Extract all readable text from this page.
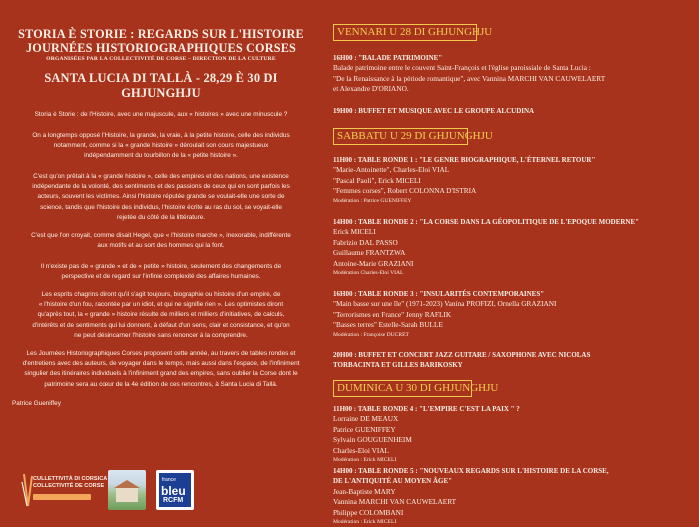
STORIA È STORIE : REGARDS SUR L'HISTOIRE
JOURNÉES HISTORIOGRAPHIQUES CORSES
ORGANISÉES PAR LA COLLECTIVITÉ DE CORSE – DIRECTION DE LA CULTURE
SANTA LUCIA DI TALLÀ - 28,29 È 30 DI GHJUNGHJU
Storia è Storie : de l'Histoire, avec une majuscule, aux « histoires » avec une minuscule ?
On a longtemps opposé l'Histoire, la grande, la vraie, à la petite histoire, celle des individus
notamment, comme si la « grande histoire » déroulait son cours majestueux
indépendamment du tourbillon de la « petite histoire ».
C'est qu'on prêtait à la « grande histoire », celle des empires et des nations, une existence
indépendante de la volonté, des sentiments et des passions de ceux qui en sont parfois les
acteurs, souvent les victimes. Ainsi l'histoire réputée grande se voulait-elle une sorte de
science, tandis que l'histoire des individus, l'histoire écrite au ras du sol, se voyait-elle
rejetée du côté de la littérature.
C'est que l'on croyait, comme disait Hegel, que « l'histoire marche », inexorable, indifférente
aux motifs et au sort des hommes qui la font.
Il n'existe pas de « grande » et de « petite » histoire, seulement des changements de
perspective et de regard sur l'infinie complexité des affaires humaines.
Les esprits chagrins diront qu'il s'agit toujours, biographie ou histoire d'un empire, de
« l'histoire d'un fou, racontée par un idiot, et qui ne signifie rien ». Les optimistes diront
qu'après tout, la « grande » histoire résulte de milliers et milliers d'initiatives, de calculs,
d'intérêts et de sentiments qui lui donnent, à défaut d'un sens, clair et consistance, et qu'on
ne peut désincarner l'histoire sans renoncer à la comprendre.
Les Journées Historiographiques Corses proposent cette année, au travers de tables rondes et
d'entretiens avec des auteurs, de voyager dans le temps, mais aussi dans l'espace, de l'infiniment
singulier des itinéraires individuels à l'infiniment grand des empires, sans oublier la Corse dont le
patrimoine sera au cœur de la 4e édition de ces rencontres, à Santa Lucia di Tallà.
Patrice Gueniffey
CULLETTIVITÀ DI CORSICA
COLLECTIVITÉ DE CORSE
france
bleu
RCFM
VENNARI U 28 DI GHJUNGHJU
16H00 : "BALADE PATRIMOINE"
Balade patrimoine entre le couvent Saint-François et l'église paroissiale de Santa Lucia :
"De la Renaissance à la période romantique", avec Vannina MARCHI VAN CAUWELAERT
et Alexandre D'ORIANO.
19H00 : BUFFET ET MUSIQUE AVEC LE GROUPE ALCUDINA
SABBATU U 29 DI GHJUNGHJU
11H00 : TABLE RONDE 1 : "LE GENRE BIOGRAPHIQUE, L'ÉTERNEL RETOUR"
"Marie-Antoinette", Charles-Eloi VIAL
"Pascal Paoli", Erick MICELI
"Femmes corses", Robert COLONNA D'ISTRIA
Modération : Patrice GUENIFFEY
14H00 : TABLE RONDE 2 : "LA CORSE DANS LA GÉOPOLITIQUE DE L'EPOQUE MODERNE"
Erick MICELI
Fabrizio DAL PASSO
Guillaume FRANTZWA
Antoine-Marie GRAZIANI
Modération Charles-Eloi VIAL
16H00 : TABLE RONDE 3 : "INSULARITÉS CONTEMPORAINES"
"Main basse sur une île" (1971-2023) Vanina PROFIZI, Ornella GRAZIANI
"Terrorismes en France" Jenny RAFLIK
"Basses terres" Estelle-Sarah BULLE
Modération : Françoise DUCRET
20H00 : BUFFET ET CONCERT JAZZ GUITARE / SAXOPHONE AVEC NICOLAS
TORBACINTA ET GILLES BARIKOSKY
DUMINICA U 30 DI GHJUNGHJU
11H00 : TABLE RONDE 4 : "L'EMPIRE C'EST LA PAIX " ?
Lorraine DE MEAUX
Patrice GUENIFFEY
Sylvain GOUGUENHEIM
Charles-Eloi VIAL
Modération : Erick MICELI
14H00 : TABLE RONDE 5 : "NOUVEAUX REGARDS SUR L'HISTOIRE DE LA CORSE,
DE L'ANTIQUITÉ AU MOYEN ÂGE"
Jean-Baptiste MARY
Vannina MARCHI VAN CAUWELAERT
Philippe COLOMBANI
Modération : Erick MICELI
